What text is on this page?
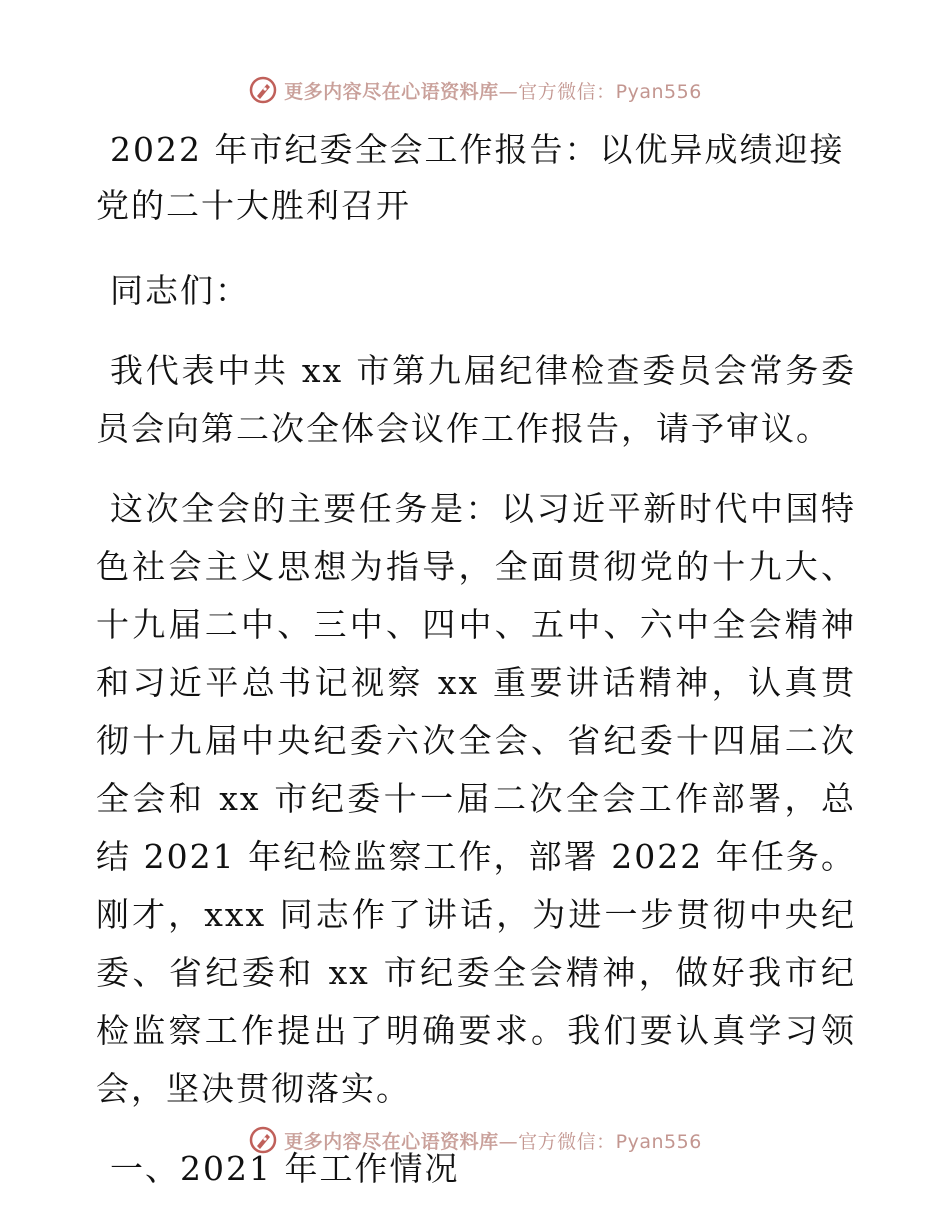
更多内容尽在心语资料库—官方微信：Pyan556
2022 年市纪委全会工作报告：以优异成绩迎接党的二十大胜利召开

同志们：

我代表中共 xx 市第九届纪律检查委员会常务委员会向第二次全体会议作工作报告，请予审议。

这次全会的主要任务是：以习近平新时代中国特色社会主义思想为指导，全面贯彻党的十九大、十九届二中、三中、四中、五中、六中全会精神和习近平总书记视察 xx 重要讲话精神，认真贯彻十九届中央纪委六次全会、省纪委十四届二次全会和 xx 市纪委十一届二次全会工作部署，总结 2021 年纪检监察工作，部署 2022 年任务。刚才，xxx 同志作了讲话，为进一步贯彻中央纪委、省纪委和 xx 市纪委全会精神，做好我市纪检监察工作提出了明确要求。我们要认真学习领会，坚决贯彻落实。

一、2021 年工作情况

更多内容尽在心语资料库—官方微信：Pyan556
